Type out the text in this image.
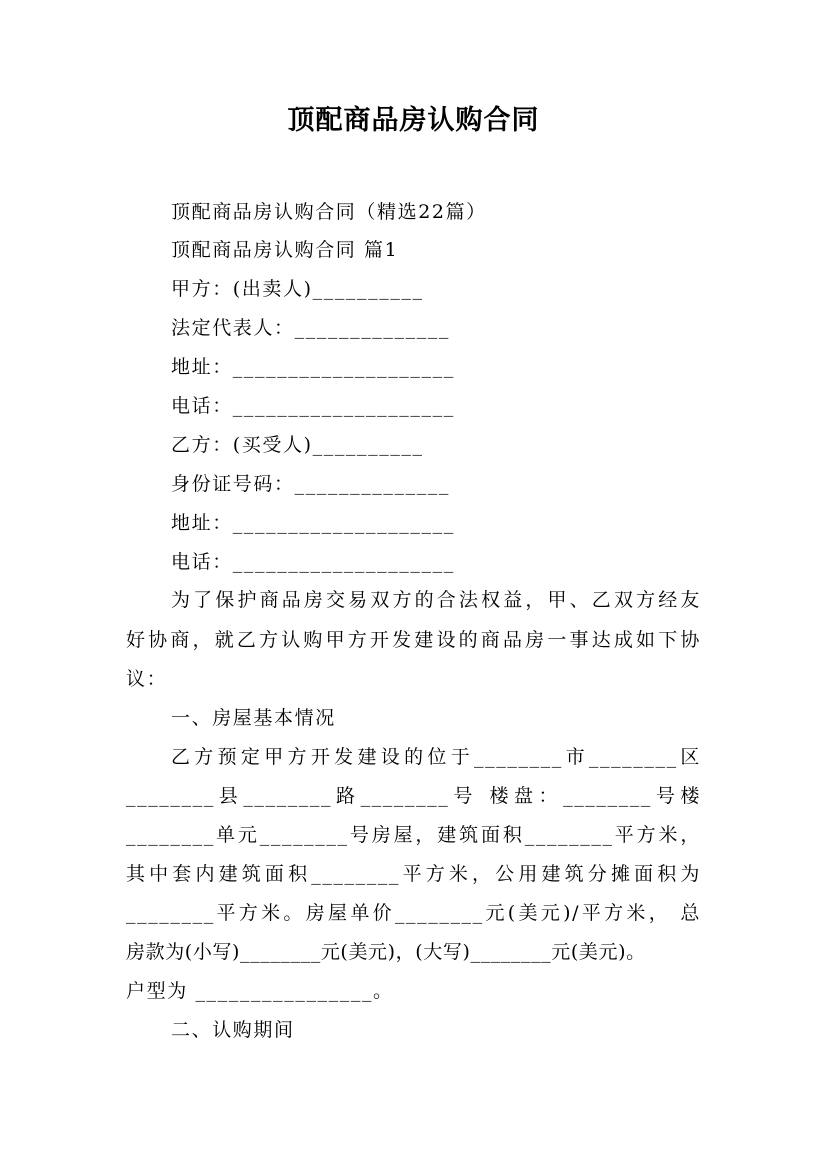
顶配商品房认购合同
顶配商品房认购合同（精选22篇）
顶配商品房认购合同 篇1
甲方：(出卖人)__________
法定代表人：______________
地址：____________________
电话：____________________
乙方：(买受人)__________
身份证号码：______________
地址：____________________
电话：____________________
为了保护商品房交易双方的合法权益，甲、乙双方经友
好协商，就乙方认购甲方开发建设的商品房一事达成如下协
议：
一、房屋基本情况
乙方预定甲方开发建设的位于________市________区
________县________路________号 楼盘：________号楼
________单元________号房屋，建筑面积________平方米，
其中套内建筑面积________平方米，公用建筑分摊面积为
________平方米。房屋单价________元(美元)/平方米， 总
房款为(小写)________元(美元)，(大写)________元(美元)。
户型为 ________________。
二、认购期间
